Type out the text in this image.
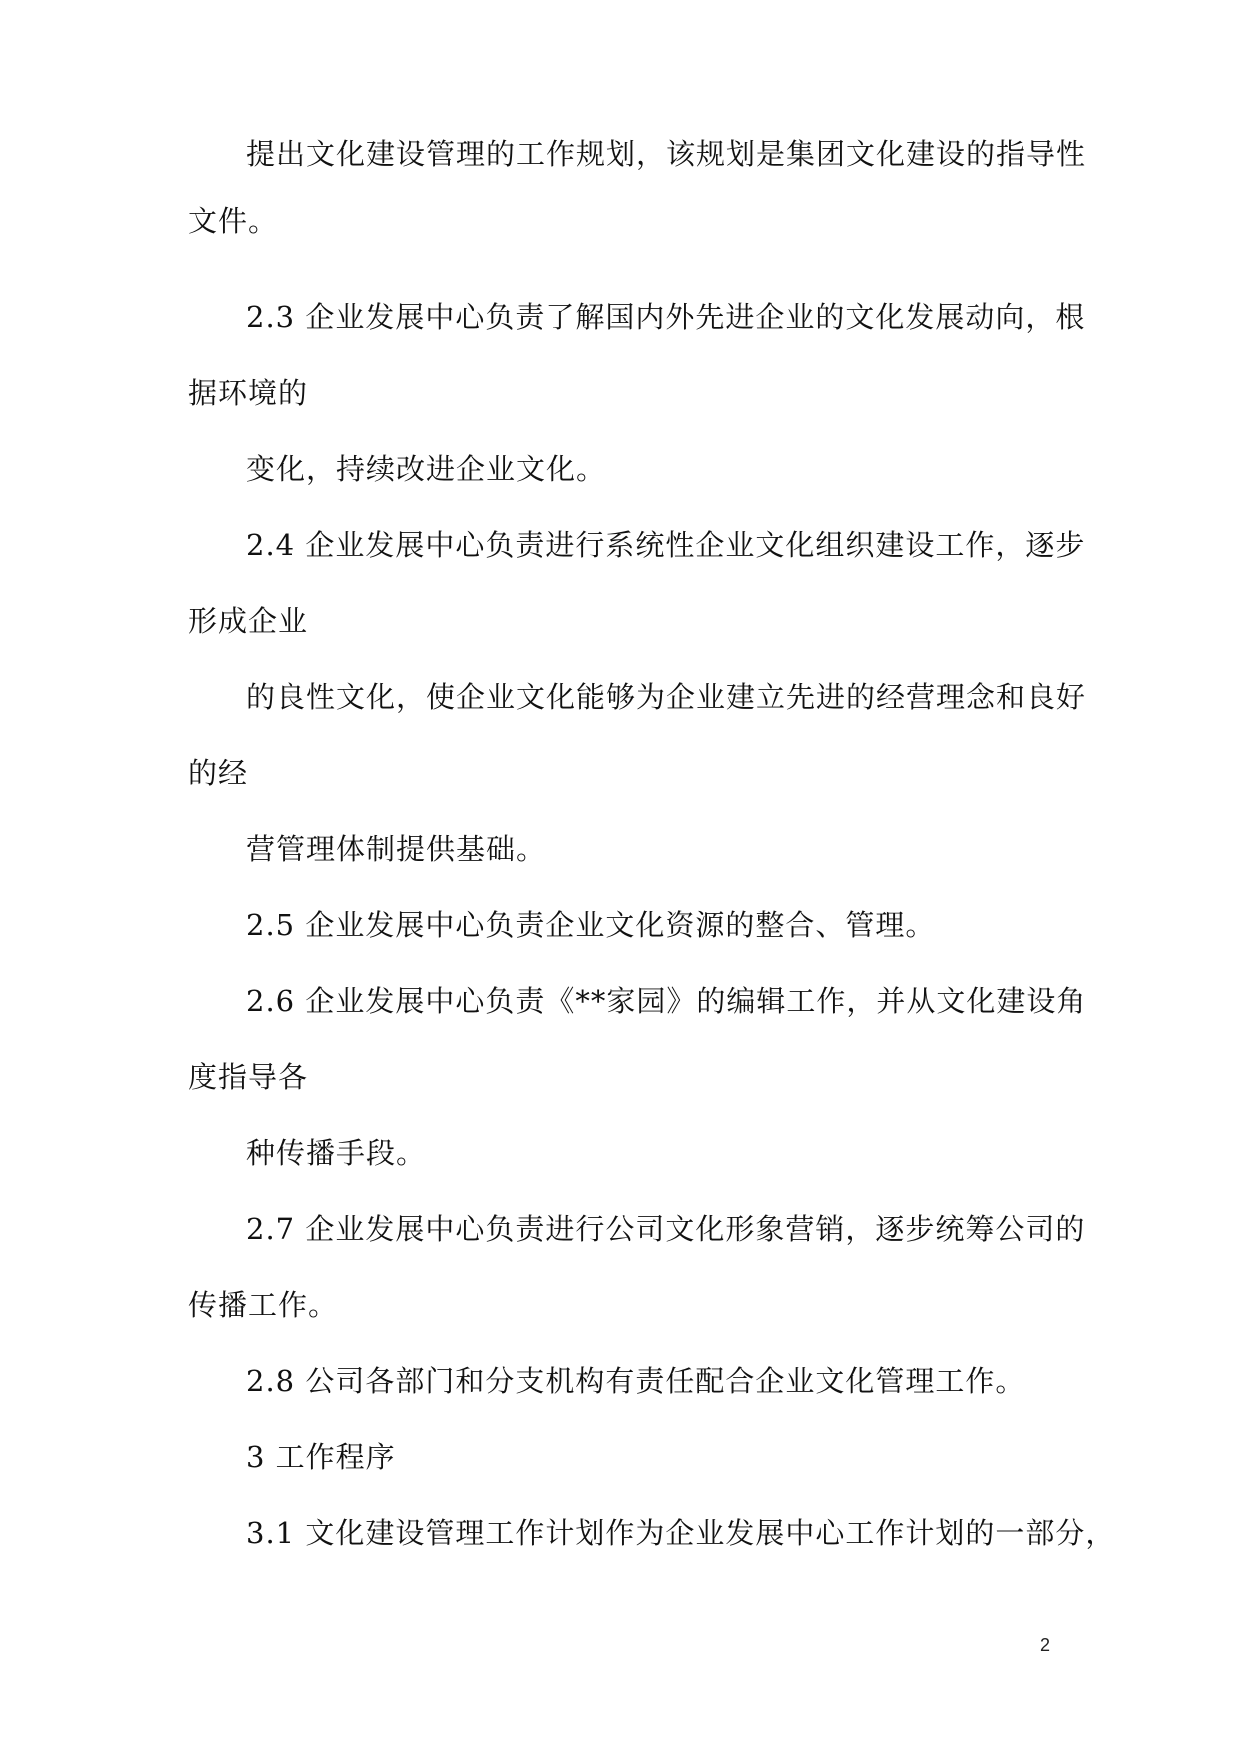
提出文化建设管理的工作规划，该规划是集团文化建设的指导性
文件。
2.3 企业发展中心负责了解国内外先进企业的文化发展动向，根
据环境的
变化，持续改进企业文化。
2.4 企业发展中心负责进行系统性企业文化组织建设工作，逐步
形成企业
的良性文化，使企业文化能够为企业建立先进的经营理念和良好
的经
营管理体制提供基础。
2.5 企业发展中心负责企业文化资源的整合、管理。
2.6 企业发展中心负责《**家园》的编辑工作，并从文化建设角
度指导各
种传播手段。
2.7 企业发展中心负责进行公司文化形象营销，逐步统筹公司的
传播工作。
2.8 公司各部门和分支机构有责任配合企业文化管理工作。
3 工作程序
3.1 文化建设管理工作计划作为企业发展中心工作计划的一部分，
2
